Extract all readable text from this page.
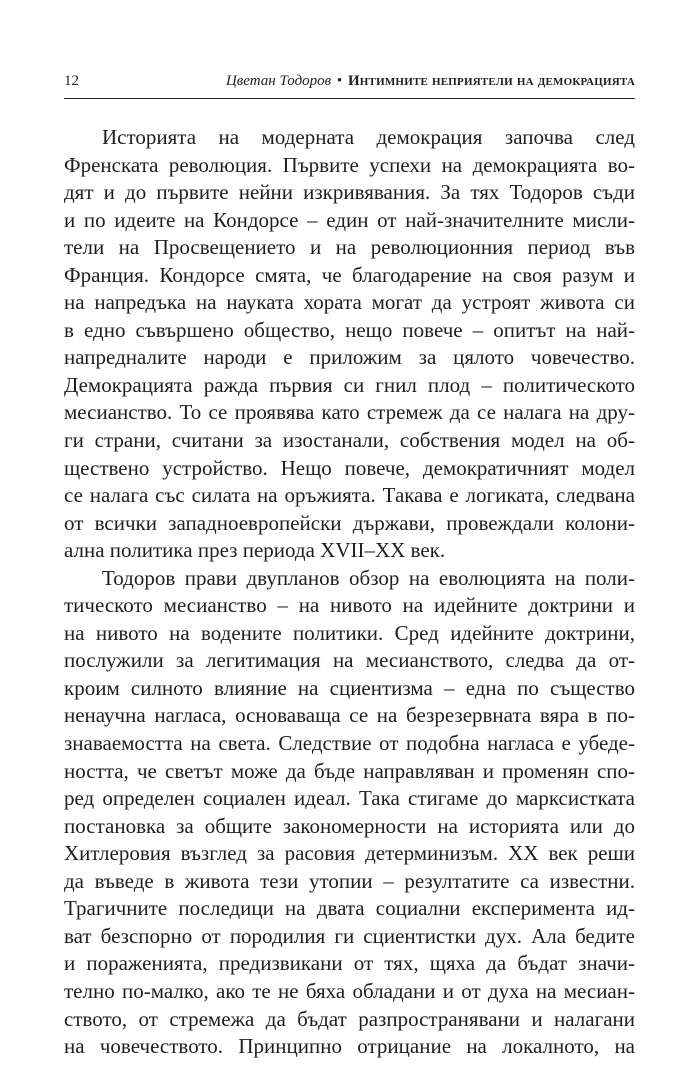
12	Цветан Тодоров • Интимните неприятели на демокрацията
Историята на модерната демокрация започва след
Френската революция. Първите успехи на демокрацията во-
дят и до първите нейни изкривявания. За тях Тодоров съди
и по идеите на Кондорсе – един от най-значителните мисли-
тели на Просвещението и на революционния период във
Франция. Кондорсе смята, че благодарение на своя разум и
на напредъка на науката хората могат да устроят живота си
в едно съвършено общество, нещо повече – опитът на най-
напредналите народи е приложим за цялото човечество.
Демокрацията ражда първия си гнил плод – политическото
месианство. То се проявява като стремеж да се налага на дру-
ги страни, считани за изостанали, собствения модел на об-
ществено устройство. Нещо повече, демократичният модел
се налага със силата на оръжията. Такава е логиката, следвана
от всички западноевропейски държави, провеждали колони-
ална политика през периода XVII–XX век.
Тодоров прави двупланов обзор на еволюцията на поли-
тическото месианство – на нивото на идейните доктрини и
на нивото на водените политики. Сред идейните доктрини,
послужили за легитимация на месианството, следва да от-
кроим силното влияние на сциентизма – една по същество
ненаучна нагласа, основаваща се на безрезервната вяра в по-
знаваемостта на света. Следствие от подобна нагласа е убеде-
ността, че светът може да бъде направляван и променян спо-
ред определен социален идеал. Така стигаме до марксистката
постановка за общите закономерности на историята или до
Хитлеровия възглед за расовия детерминизъм. XX век реши
да въведе в живота тези утопии – резултатите са известни.
Трагичните последици на двата социални експеримента ид-
ват безспорно от породилия ги сциентистки дух. Ала бедите
и пораженията, предизвикани от тях, щяха да бъдат значи-
телно по-малко, ако те не бяха обладани и от духа на месиан-
ството, от стремежа да бъдат разпространявани и налагани
на човечеството. Принципно отрицание на локалното, на
